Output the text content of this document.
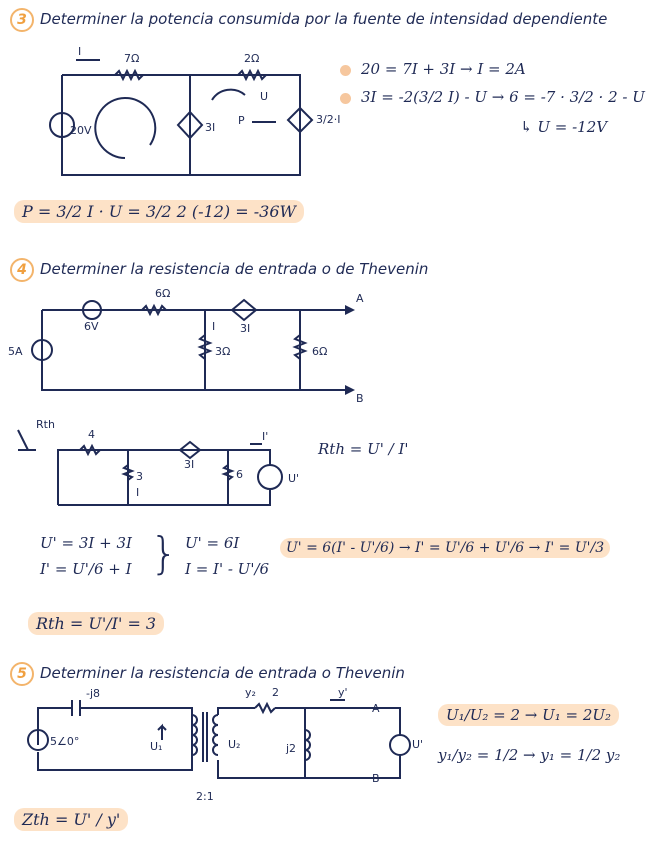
3 Determiner la potencia consumida por la fuente de intensidad dependiente
I
7Ω	2Ω
20V	3I
P
U
3/2·I
6Ω
6V	3I
A
5A
I
3Ω	6Ω
B
Rth
4
3
I
3I
6
I'
U'
-j8
5∠0°	U₁	U₂
2:1
y₂ 2	y'
A
j2	U'
B
20 = 7I + 3I → I = 2A
3I = -2(3/2 I) - U → 6 = -7 · 3/2 · 2 - U
↳ U = -12V
P = 3/2 I · U = 3/2 2 (-12) = -36W
4 Determiner la resistencia de entrada o de Thevenin
Rth = U' / I'
U' = 3I + 3I
I' = U'/6 + I } U' = 6I
I = I' - U'/6
U' = 6(I' - U'/6) → I' = U'/6 + U'/6 → I' = U'/3
Rth = U'/I' = 3
5 Determiner la resistencia de entrada o Thevenin
U₁/U₂ = 2 → U₁ = 2U₂
y₁/y₂ = 1/2 → y₁ = 1/2 y₂
Zth = U' / y'
